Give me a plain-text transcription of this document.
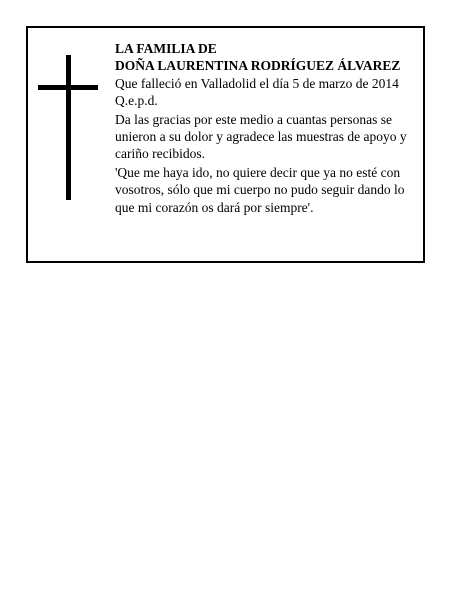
LA FAMILIA DE

DOÑA LAURENTINA RODRÍGUEZ ÁLVAREZ

Que falleció en Valladolid el día 5 de marzo de 2014

Q.e.p.d.

Da las gracias por este medio a cuantas personas se unieron a su dolor y agradece las muestras de apoyo y cariño recibidos.

'Que me haya ido, no quiere decir que ya no esté con vosotros, sólo que mi cuerpo no pudo seguir dando lo que mi corazón os dará por siempre'.
